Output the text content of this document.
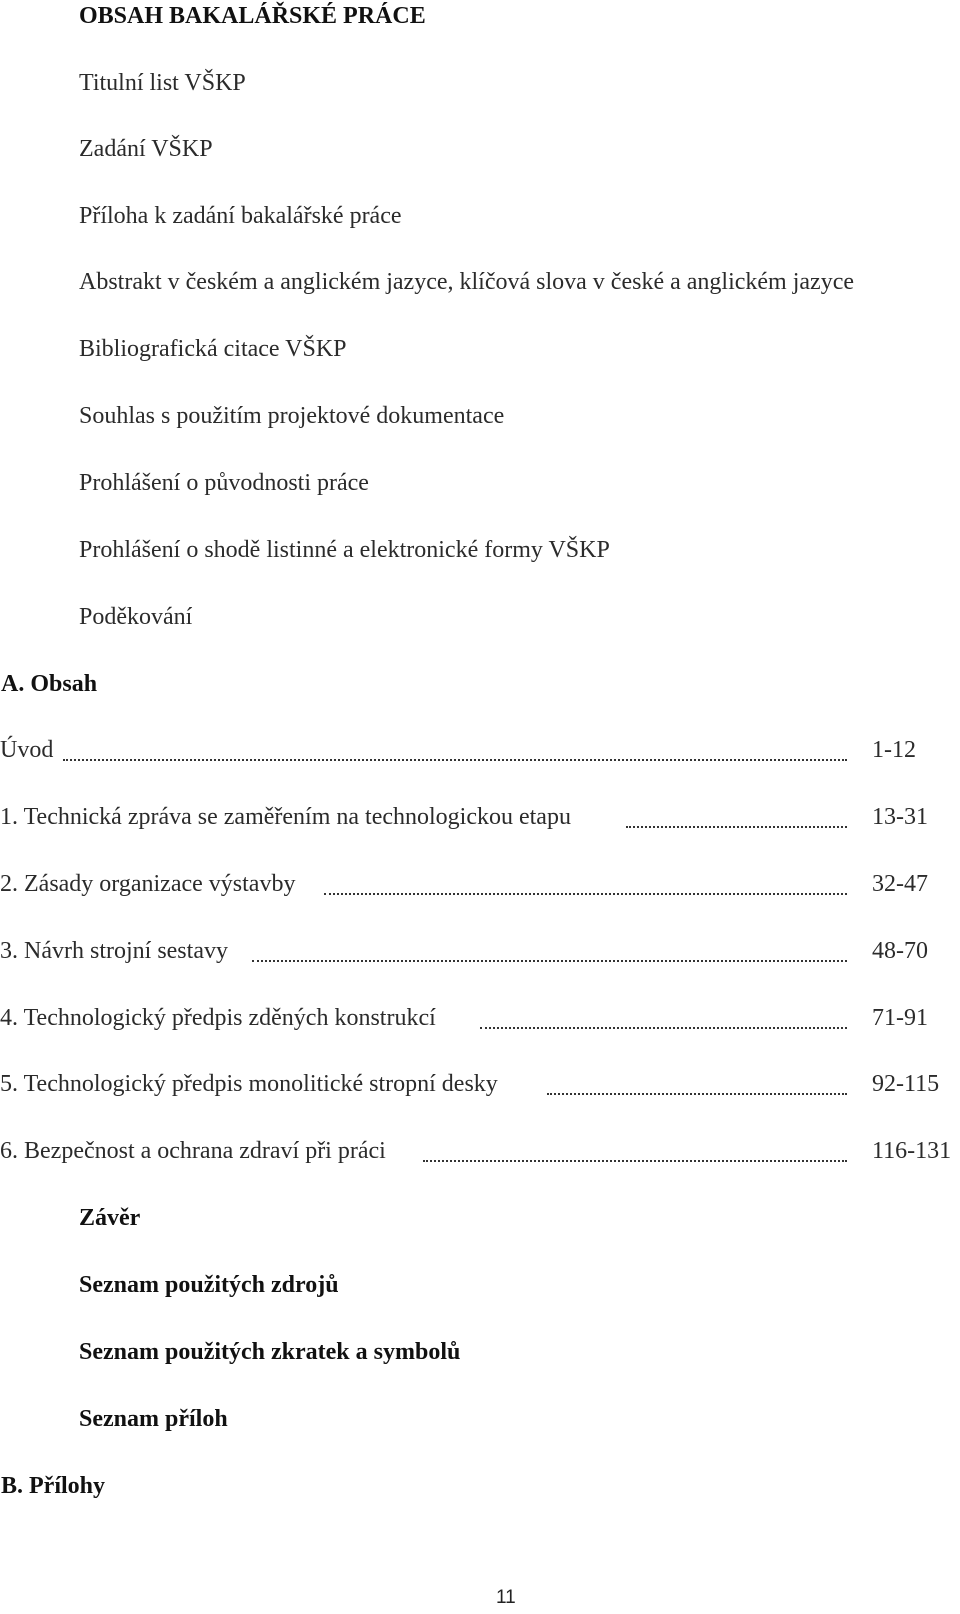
OBSAH BAKALÁŘSKÉ PRÁCE
Titulní list VŠKP
Zadání VŠKP
Příloha k zadání bakalářské práce
Abstrakt v českém a anglickém jazyce, klíčová slova v české a anglickém jazyce
Bibliografická citace VŠKP
Souhlas s použitím projektové dokumentace
Prohlášení o původnosti práce
Prohlášení o shodě listinné a elektronické formy VŠKP
Poděkování
A. Obsah
Úvod	1-12
1. Technická zpráva se zaměřením na technologickou etapu	13-31
2. Zásady organizace výstavby	32-47
3. Návrh strojní sestavy	48-70
4. Technologický předpis zděných konstrukcí	71-91
5. Technologický předpis monolitické stropní desky	92-115
6. Bezpečnost a ochrana zdraví při práci	116-131
Závěr
Seznam použitých zdrojů
Seznam použitých zkratek a symbolů
Seznam příloh
B. Přílohy
11
